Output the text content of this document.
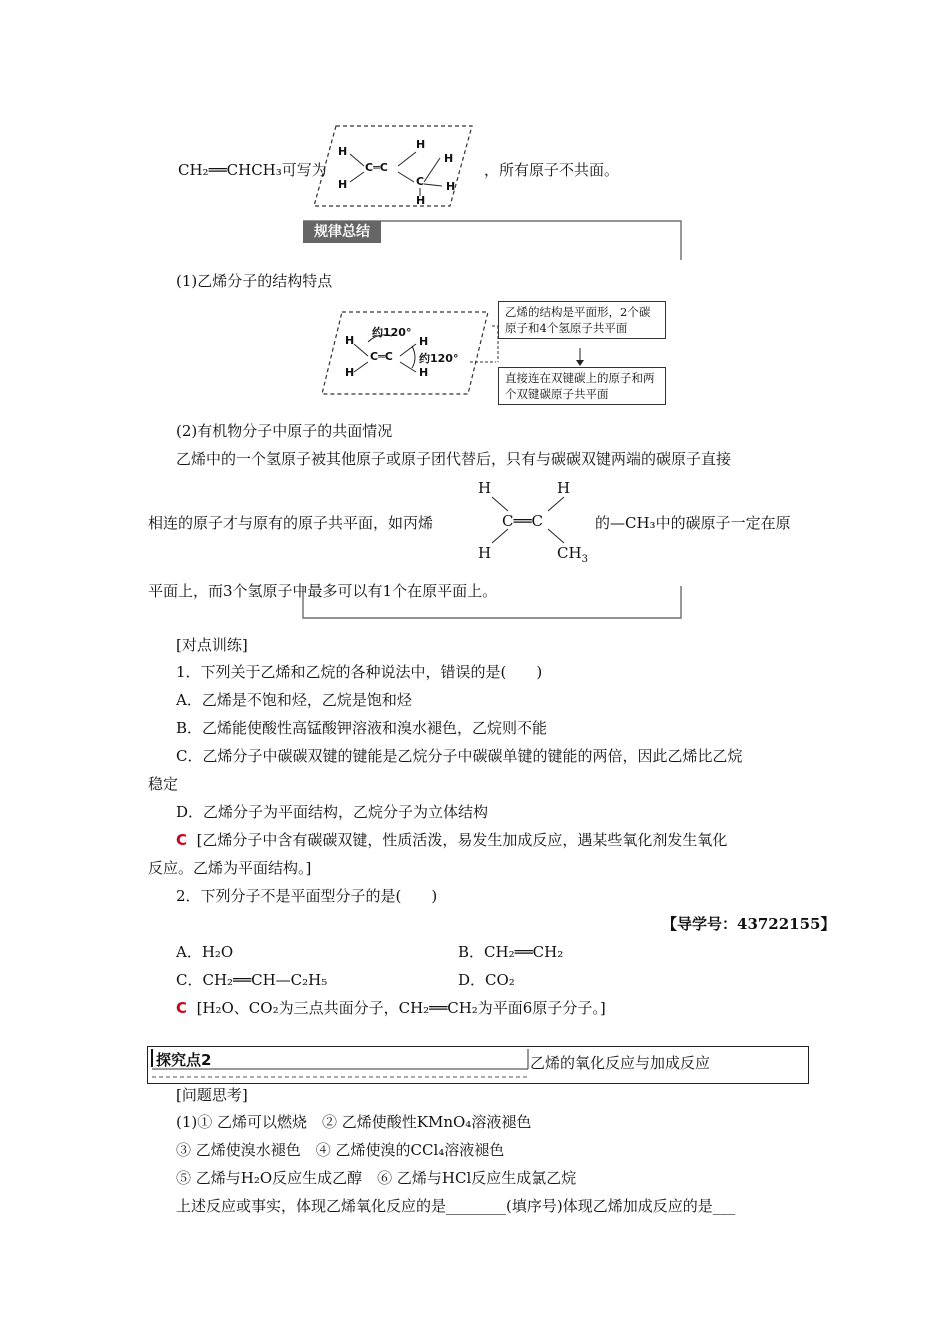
CH₂══CHCH₃可写为
H
H
C═C
H
C
H
H
H
，所有原子不共面。
规律总结
(1)乙烯分子的结构特点
约120°
约120°
H
H
C═C
H
H
乙烯的结构是平面形，2个碳原子和4个氢原子共平面
直接连在双键碳上的原子和两个双键碳原子共平面
(2)有机物分子中原子的共面情况
乙烯中的一个氢原子被其他原子或原子团代替后，只有与碳碳双键两端的碳原子直接
H	H
C══C
H	$CH_3$
相连的原子才与原有的原子共平面，如丙烯	的—CH₃中的碳原子一定在原
平面上，而3个氢原子中最多可以有1个在原平面上。
[对点训练]
1．下列关于乙烯和乙烷的各种说法中，错误的是(　　)
A．乙烯是不饱和烃，乙烷是饱和烃
B．乙烯能使酸性高锰酸钾溶液和溴水褪色，乙烷则不能
C．乙烯分子中碳碳双键的键能是乙烷分子中碳碳单键的键能的两倍，因此乙烯比乙烷
稳定
D．乙烯分子为平面结构，乙烷分子为立体结构
C [乙烯分子中含有碳碳双键，性质活泼，易发生加成反应，遇某些氧化剂发生氧化
反应。乙烯为平面结构。]
2．下列分子不是平面型分子的是(　　)
【导学号：43722155】
A．H₂O	B．CH₂══CH₂
C．CH₂══CH—C₂H₅	D．CO₂
C [H₂O、CO₂为三点共面分子，CH₂══CH₂为平面6原子分子。]
探究点2	乙烯的氧化反应与加成反应
[问题思考]
(1)① 乙烯可以燃烧　② 乙烯使酸性KMnO₄溶液褪色
③ 乙烯使溴水褪色　④ 乙烯使溴的CCl₄溶液褪色
⑤ 乙烯与H₂O反应生成乙醇　⑥ 乙烯与HCl反应生成氯乙烷
上述反应或事实，体现乙烯氧化反应的是________(填序号)体现乙烯加成反应的是___
